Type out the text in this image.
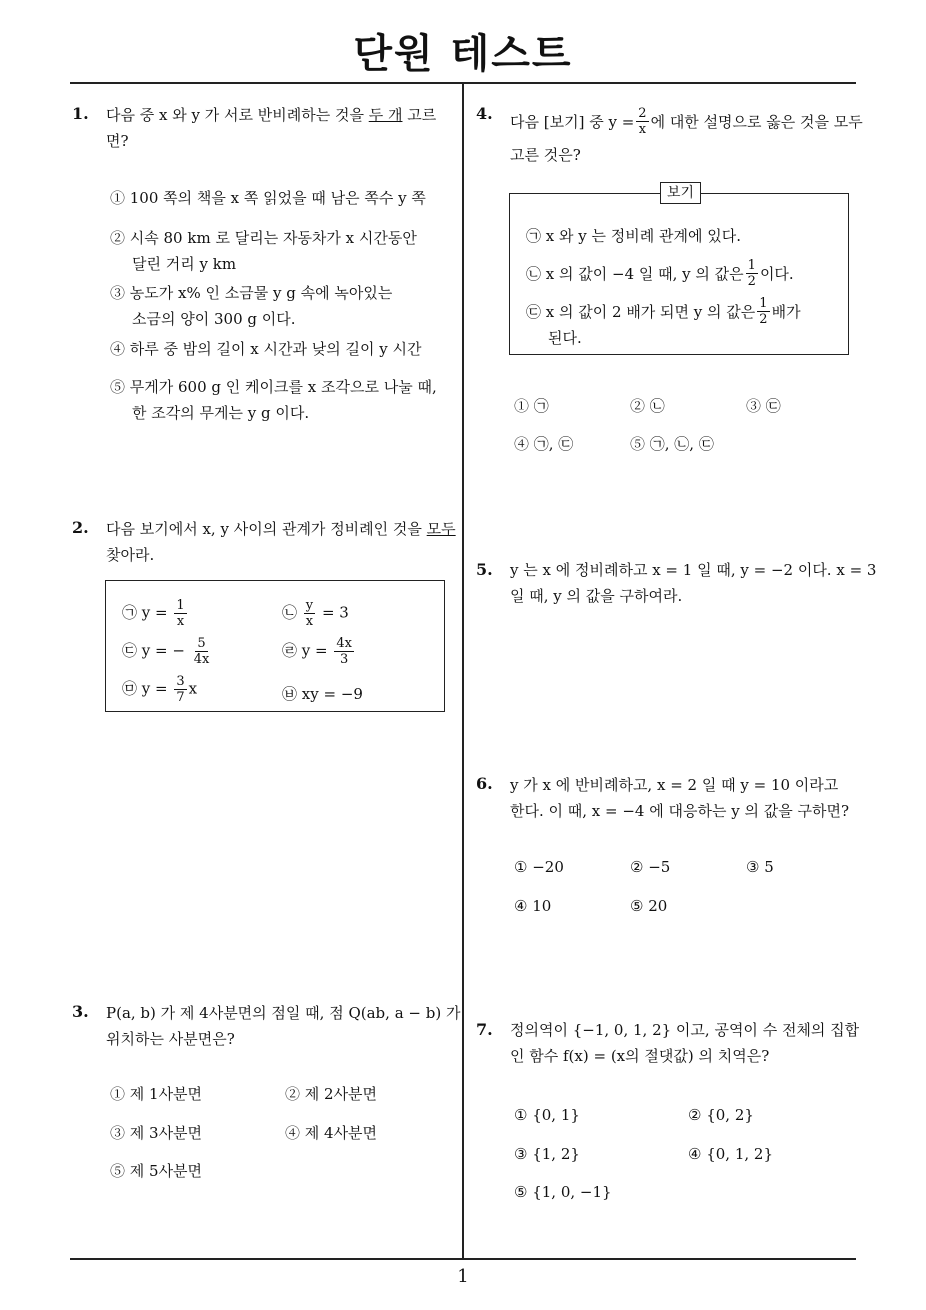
단원 테스트
1
1. 다음 중 x 와 y 가 서로 반비례하는 것을 두 개 고르
면?
① 100 쪽의 책을 x 쪽 읽었을 때 남은 쪽수 y 쪽
② 시속 80 km 로 달리는 자동차가 x 시간동안
달린 거리 y km
③ 농도가 x% 인 소금물 y g 속에 녹아있는
소금의 양이 300 g 이다.
④ 하루 중 밤의 길이 x 시간과 낮의 길이 y 시간
⑤ 무게가 600 g 인 케이크를 x 조각으로 나눌 때,
한 조각의 무게는 y g 이다.
2. 다음 보기에서 x, y 사이의 관계가 정비례인 것을 모두
찾아라.
㉠ $y = \frac{1}{x}$	㉡ $\frac{y}{x} = 3$
㉢ y = − $\frac{5}{4x}$	㉣ $y = \frac{4x}{3}$
㉤ $y = \frac{3}{7}$ x	㉥ xy = −9
3. P(a, b) 가 제 4사분면의 점일 때, 점 Q(ab, a − b) 가
위치하는 사분면은?
① 제 1사분면	② 제 2사분면
③ 제 3사분면	④ 제 4사분면
⑤ 제 5사분면
4. 다음 [보기] 중 $y = \frac{2}{x}$ 에 대한 설명으로 옳은 것을 모두
고른 것은?
보기
㉠ x 와 y 는 정비례 관계에 있다.
㉡ x 의 값이 −4 일 때, y 의 값은 $\frac{1}{2}$ 이다.
㉢ x 의 값이 2 배가 되면 y 의 값은 $\frac{1}{2}$ 배가
된다.
① ㉠	② ㉡	③ ㉢
④ ㉠, ㉢	⑤ ㉠, ㉡, ㉢
5. y 는 x 에 정비례하고 x = 1 일 때, y = −2 이다. x = 3
일 때, y 의 값을 구하여라.
6. y 가 x 에 반비례하고, x = 2 일 때 y = 10 이라고
한다. 이 때, x = −4 에 대응하는 y 의 값을 구하면?
① −20	② −5	③ 5
④ 10	⑤ 20
7. 정의역이 {−1, 0, 1, 2} 이고, 공역이 수 전체의 집합
인 함수 f(x) = (x의 절댓값) 의 치역은?
① {0, 1}	② {0, 2}
③ {1, 2}	④ {0, 1, 2}
⑤ {1, 0, −1}
